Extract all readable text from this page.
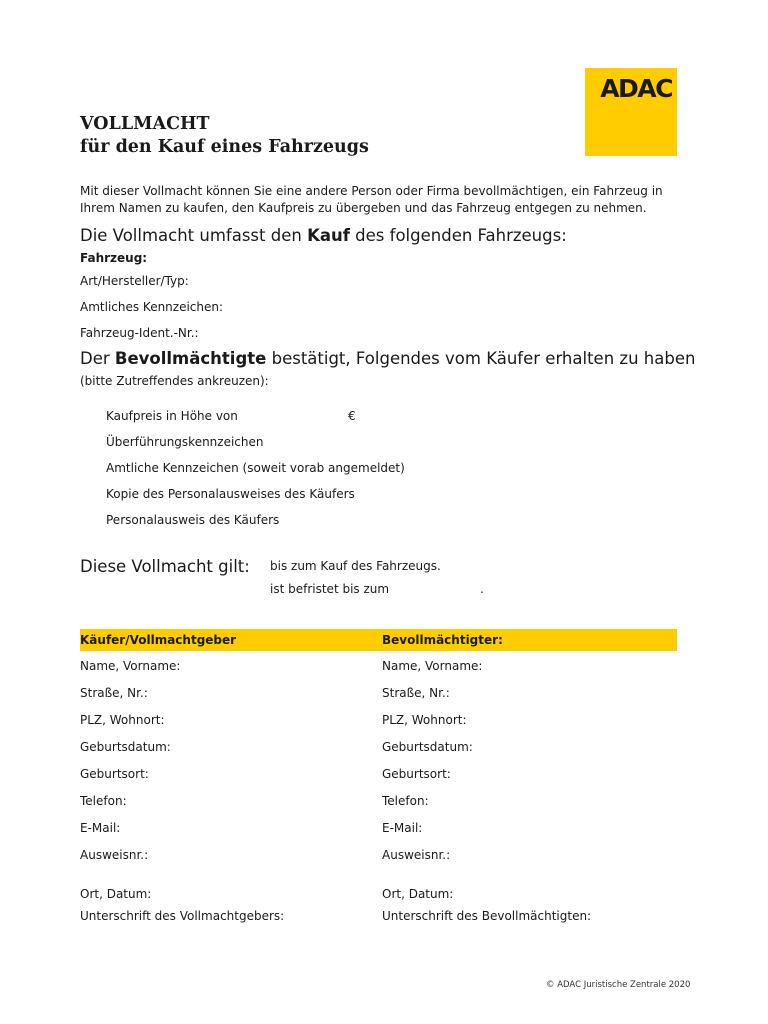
ADAC
VOLLMACHT
für den Kauf eines Fahrzeugs
Mit dieser Vollmacht können Sie eine andere Person oder Firma bevollmächtigen, ein Fahrzeug in Ihrem Namen zu kaufen, den Kaufpreis zu übergeben und das Fahrzeug entgegen zu nehmen.
Die Vollmacht umfasst den Kauf des folgenden Fahrzeugs:
Fahrzeug:
Art/Hersteller/Typ:
Amtliches Kennzeichen:
Fahrzeug-Ident.-Nr.:
Der Bevollmächtigte bestätigt, Folgendes vom Käufer erhalten zu haben
(bitte Zutreffendes ankreuzen):
Kaufpreis in Höhe von	€
Überführungskennzeichen
Amtliche Kennzeichen (soweit vorab angemeldet)
Kopie des Personalausweises des Käufers
Personalausweis des Käufers
Diese Vollmacht gilt: bis zum Kauf des Fahrzeugs.
ist befristet bis zum	.
Käufer/Vollmachtgeber	Bevollmächtigter:
Name, Vorname:	Name, Vorname:
Straße, Nr.:	Straße, Nr.:
PLZ, Wohnort:	PLZ, Wohnort:
Geburtsdatum:	Geburtsdatum:
Geburtsort:	Geburtsort:
Telefon:	Telefon:
E-Mail:	E-Mail:
Ausweisnr.:	Ausweisnr.:
Ort, Datum:	Ort, Datum:
Unterschrift des Vollmachtgebers:	Unterschrift des Bevollmächtigten:
© ADAC Juristische Zentrale 2020
